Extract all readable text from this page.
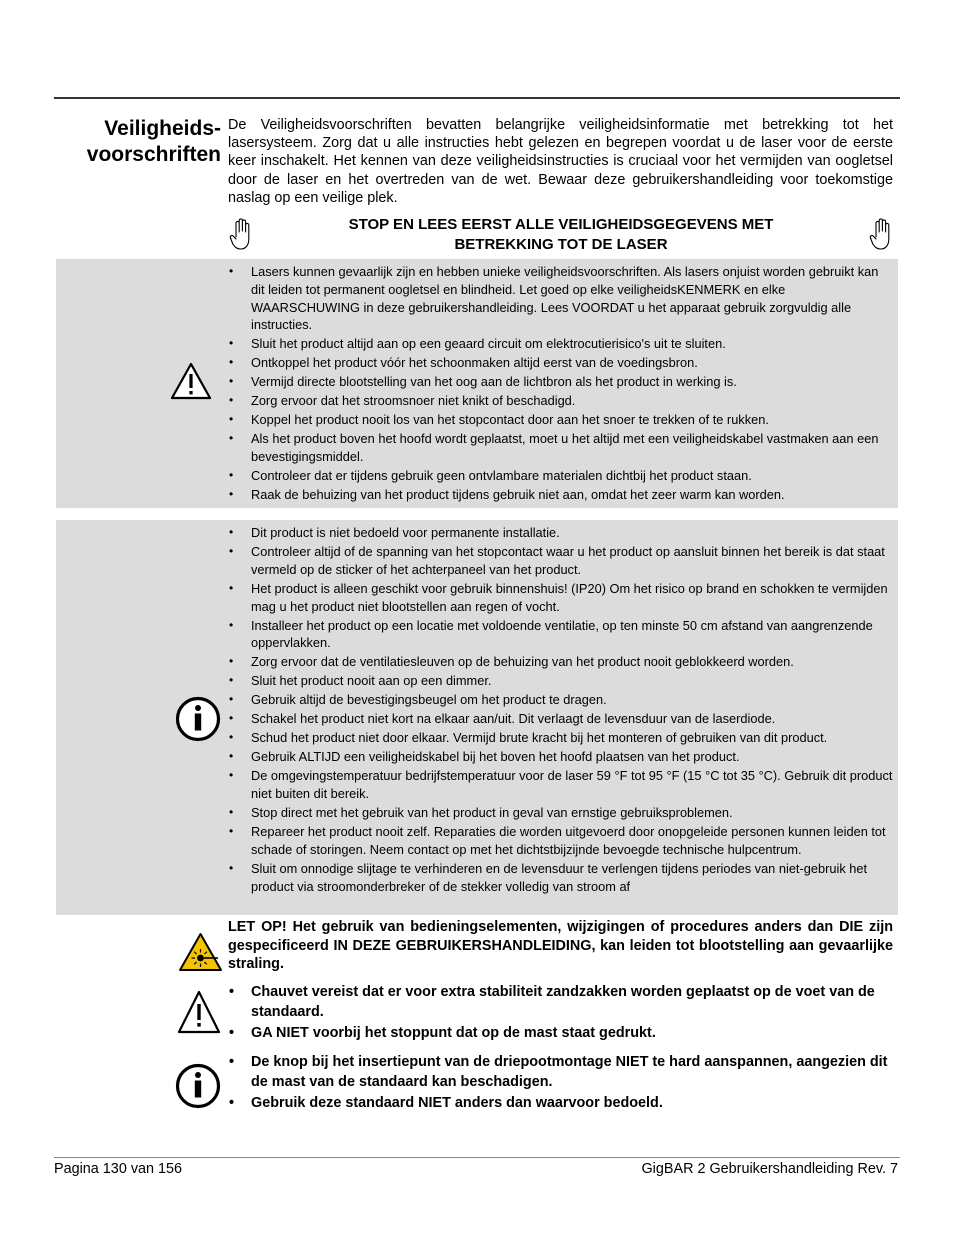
Veiligheids-
voorschriften

De Veiligheidsvoorschriften bevatten belangrijke veiligheidsinformatie met betrekking tot het lasersysteem. Zorg dat u alle instructies hebt gelezen en begrepen voordat u de laser voor de eerste keer inschakelt. Het kennen van deze veiligheidsinstructies is cruciaal voor het vermijden van oogletsel door de laser en het overtreden van de wet. Bewaar deze gebruikershandleiding voor toekomstige naslag op een veilige plek.

STOP EN LEES EERST ALLE VEILIGHEIDSGEGEVENS MET
BETREKKING TOT DE LASER
• Lasers kunnen gevaarlijk zijn en hebben unieke veiligheidsvoorschriften. Als lasers onjuist worden gebruikt kan dit leiden tot permanent oogletsel en blindheid. Let goed op elke veiligheidsKENMERK en elke WAARSCHUWING in deze gebruikershandleiding. Lees VOORDAT u het apparaat gebruik zorgvuldig alle instructies.
• Sluit het product altijd aan op een geaard circuit om elektrocutierisico's uit te sluiten.
• Ontkoppel het product vóór het schoonmaken altijd eerst van de voedingsbron.
• Vermijd directe blootstelling van het oog aan de lichtbron als het product in werking is.
• Zorg ervoor dat het stroomsnoer niet knikt of beschadigd.
• Koppel het product nooit los van het stopcontact door aan het snoer te trekken of te rukken.
• Als het product boven het hoofd wordt geplaatst, moet u het altijd met een veiligheidskabel vastmaken aan een bevestigingsmiddel.
• Controleer dat er tijdens gebruik geen ontvlambare materialen dichtbij het product staan.
• Raak de behuizing van het product tijdens gebruik niet aan, omdat het zeer warm kan worden.
• Dit product is niet bedoeld voor permanente installatie.
• Controleer altijd of de spanning van het stopcontact waar u het product op aansluit binnen het bereik is dat staat vermeld op de sticker of het achterpaneel van het product.
• Het product is alleen geschikt voor gebruik binnenshuis! (IP20) Om het risico op brand en schokken te vermijden mag u het product niet blootstellen aan regen of vocht.
• Installeer het product op een locatie met voldoende ventilatie, op ten minste 50 cm afstand van aangrenzende oppervlakken.
• Zorg ervoor dat de ventilatiesleuven op de behuizing van het product nooit geblokkeerd worden.
• Sluit het product nooit aan op een dimmer.
• Gebruik altijd de bevestigingsbeugel om het product te dragen.
• Schakel het product niet kort na elkaar aan/uit. Dit verlaagt de levensduur van de laserdiode.
• Schud het product niet door elkaar. Vermijd brute kracht bij het monteren of gebruiken van dit product.
• Gebruik ALTIJD een veiligheidskabel bij het boven het hoofd plaatsen van het product.
• De omgevingstemperatuur bedrijfstemperatuur voor de laser 59 °F tot 95 °F (15 °C tot 35 °C). Gebruik dit product niet buiten dit bereik.
• Stop direct met het gebruik van het product in geval van ernstige gebruiksproblemen.
• Repareer het product nooit zelf. Reparaties die worden uitgevoerd door onopgeleide personen kunnen leiden tot schade of storingen. Neem contact op met het dichtstbijzijnde bevoegde technische hulpcentrum.
• Sluit om onnodige slijtage te verhinderen en de levensduur te verlengen tijdens periodes van niet-gebruik het product via stroomonderbreker of de stekker volledig van stroom af

LET OP! Het gebruik van bedieningselementen, wijzigingen of procedures anders dan DIE zijn gespecificeerd IN DEZE GEBRUIKERSHANDLEIDING, kan leiden tot blootstelling aan gevaarlijke straling.

• Chauvet vereist dat er voor extra stabiliteit zandzakken worden geplaatst op de voet van de standaard.
• GA NIET voorbij het stoppunt dat op de mast staat gedrukt.
• De knop bij het insertiepunt van de driepootmontage NIET te hard aanspannen, aangezien dit de mast van de standaard kan beschadigen.
• Gebruik deze standaard NIET anders dan waarvoor bedoeld.
Pagina 130 van 156	GigBAR 2 Gebruikershandleiding Rev. 7
